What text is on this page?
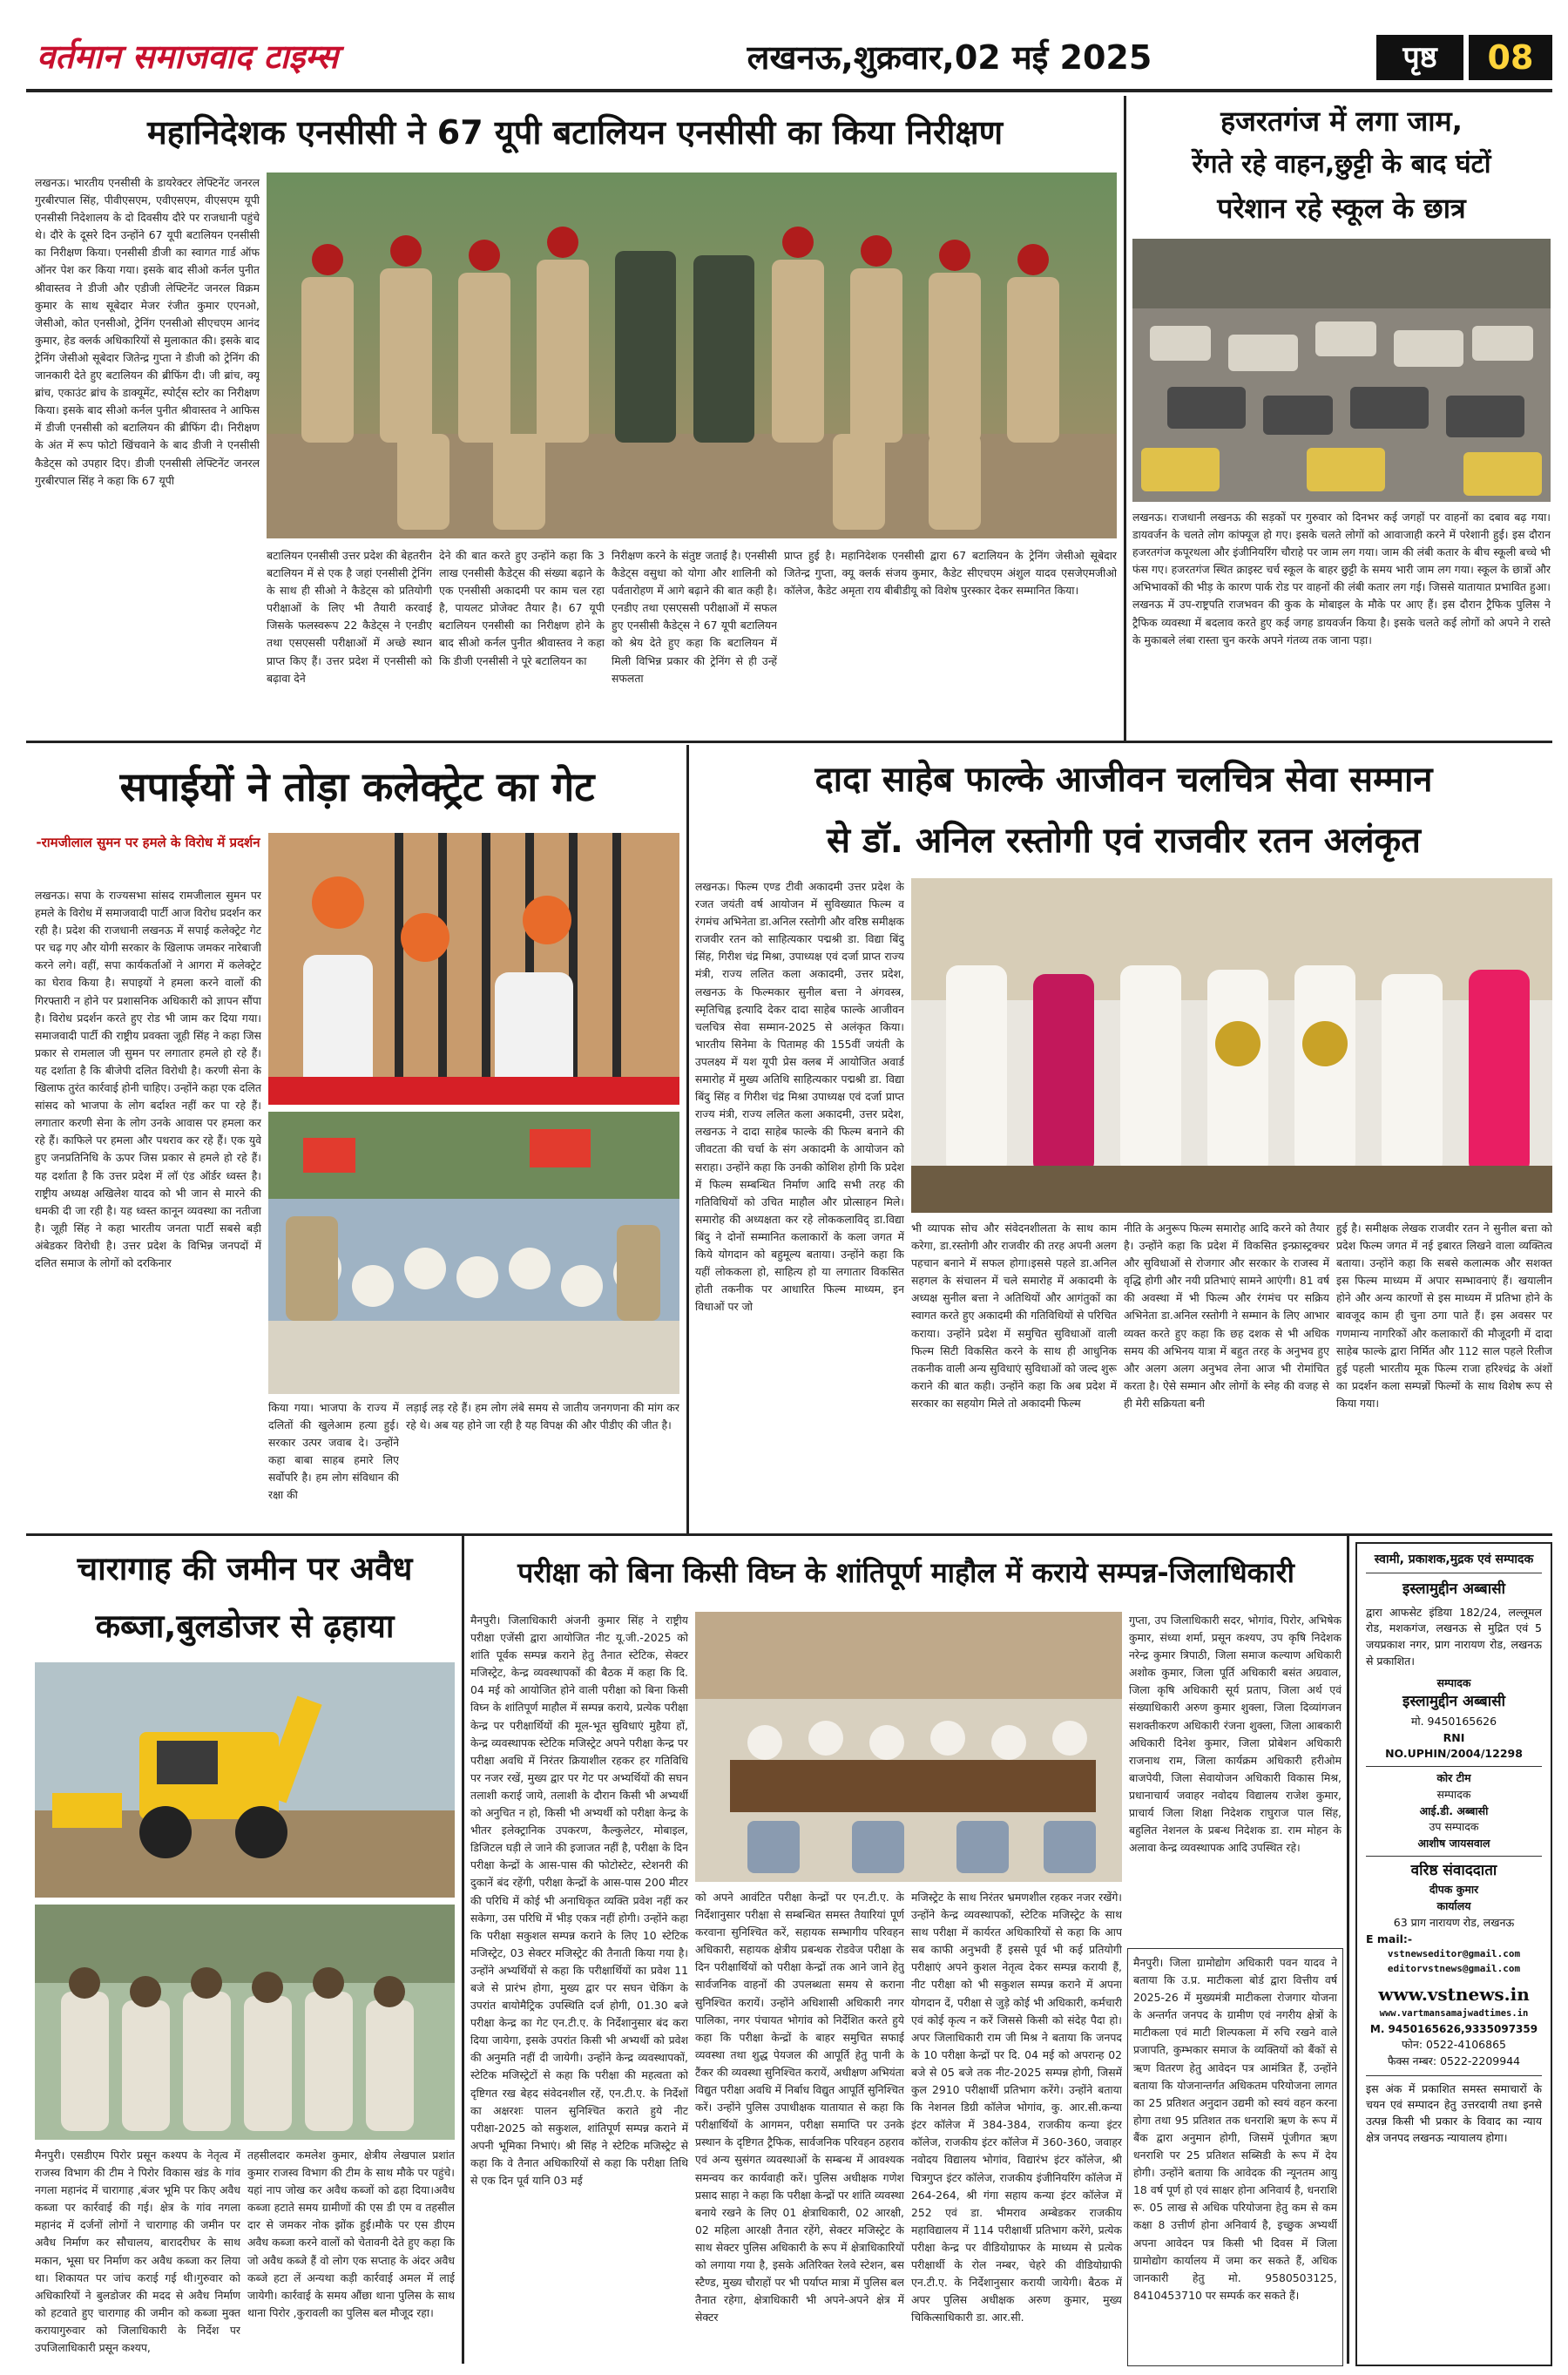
वर्तमान समाजवाद टाइम्स	लखनऊ,शुक्रवार,02 मई 2025	पृष्ठ	08
महानिदेशक एनसीसी ने 67 यूपी बटालियन एनसीसी का किया निरीक्षण
लखनऊ। भारतीय एनसीसी के डायरेक्टर लेफ्टिनेंट जनरल गुरबीरपाल सिंह, पीवीएसएम, एवीएसएम, वीएसएम यूपी एनसीसी निदेशालय के दो दिवसीय दौरे पर राजधानी पहुंचे थे। दौरे के दूसरे दिन उन्होंने 67 यूपी बटालियन एनसीसी का निरीक्षण किया। एनसीसी डीजी का स्वागत गार्ड ऑफ ऑनर पेश कर किया गया। इसके बाद सीओ कर्नल पुनीत श्रीवास्तव ने डीजी और एडीजी लेफ्टिनेंट जनरल विक्रम कुमार के साथ सूबेदार मेजर रंजीत कुमार एएनओ, जेसीओ, कोत एनसीओ, ट्रेनिंग एनसीओ सीएचएम आनंद कुमार, हेड क्लर्क अधिकारियों से मुलाकात की। इसके बाद ट्रेनिंग जेसीओ सूबेदार जितेन्द्र गुप्ता ने डीजी को ट्रेनिंग की जानकारी देते हुए बटालियन की ब्रीफिंग दी। जी ब्रांच, क्यू ब्रांच, एकाउंट ब्रांच के डाक्यूमेंट, स्पोर्ट्स स्टोर का निरीक्षण किया। इसके बाद सीओ कर्नल पुनीत श्रीवास्तव ने आफिस में डीजी एनसीसी को बटालियन की ब्रीफिंग दी। निरीक्षण के अंत में रूप फोटो खिंचवाने के बाद डीजी ने एनसीसी कैडेट्स को उपहार दिए। डीजी एनसीसी लेफ्टिनेंट जनरल गुरबीरपाल सिंह ने कहा कि 67 यूपी
बटालियन एनसीसी उत्तर प्रदेश की बेहतरीन बटालियन में से एक है जहां एनसीसी ट्रेनिंग के साथ ही सीओ ने कैडेट्स को प्रतियोगी परीक्षाओं के लिए भी तैयारी करवाई जिसके फलस्वरूप 22 कैडेट्स ने एनडीए तथा एसएससी परीक्षाओं में अच्छे स्थान प्राप्त किए हैं। उत्तर प्रदेश में एनसीसी को बढ़ावा देने
देने की बात करते हुए उन्होंने कहा कि 3 लाख एनसीसी कैडेट्स की संख्या बढ़ाने के एक एनसीसी अकादमी पर काम चल रहा है, पायलट प्रोजेक्ट तैयार है। 67 यूपी बटालियन एनसीसी का निरीक्षण होने के बाद सीओ कर्नल पुनीत श्रीवास्तव ने कहा कि डीजी एनसीसी ने पूरे बटालियन का
निरीक्षण करने के संतुष्ट जताई है। एनसीसी कैडेट्स वसुधा को योगा और शालिनी को पर्वतारोहण में आगे बढ़ाने की बात कही है। एनडीए तथा एसएससी परीक्षाओं में सफल हुए एनसीसी कैडेट्स ने 67 यूपी बटालियन को श्रेय देते हुए कहा कि बटालियन में मिली विभिन्न प्रकार की ट्रेनिंग से ही उन्हें सफलता
प्राप्त हुई है। महानिदेशक एनसीसी द्वारा 67 बटालियन के ट्रेनिंग जेसीओ सूबेदार जितेन्द्र गुप्ता, क्यू क्लर्क संजय कुमार, कैडेट सीएचएम अंशुल यादव एसजेएमजीओ कॉलेज, कैडेट अमृता राय बीबीडीयू को विशेष पुरस्कार देकर सम्मानित किया।
हजरतगंज में लगा जाम,
रेंगते रहे वाहन,छुट्टी के बाद घंटों
परेशान रहे स्कूल के छात्र
लखनऊ। राजधानी लखनऊ की सड़कों पर गुरुवार को दिनभर कई जगहों पर वाहनों का दबाव बढ़ गया। डायवर्जन के चलते लोग कांफ्यूज हो गए। इसके चलते लोगों को आवाजाही करने में परेशानी हुई। इस दौरान हजरतगंज कपूरथला और इंजीनियरिंग चौराहे पर जाम लग गया। जाम की लंबी कतार के बीच स्कूली बच्चे भी फंस गए। हजरतगंज स्थित क्राइस्ट चर्च स्कूल के बाहर छुट्टी के समय भारी जाम लग गया। स्कूल के छात्रों और अभिभावकों की भीड़ के कारण पार्क रोड पर वाहनों की लंबी कतार लग गई। जिससे यातायात प्रभावित हुआ। लखनऊ में उप-राष्ट्रपति राजभवन की कुक के मोबाइल के मौके पर आए हैं। इस दौरान ट्रैफिक पुलिस ने ट्रैफिक व्यवस्था में बदलाव करते हुए कई जगह डायवर्जन किया है। इसके चलते कई लोगों को अपने ने रास्ते के मुकाबले लंबा रास्ता चुन करके अपने गंतव्य तक जाना पड़ा।
सपाईयों ने तोड़ा कलेक्ट्रेट का गेट
-रामजीलाल सुमन पर हमले के विरोध में प्रदर्शन
लखनऊ। सपा के राज्यसभा सांसद रामजीलाल सुमन पर हमले के विरोध में समाजवादी पार्टी आज विरोध प्रदर्शन कर रही है। प्रदेश की राजधानी लखनऊ में सपाई कलेक्ट्रेट गेट पर चढ़ गए और योगी सरकार के खिलाफ जमकर नारेबाजी करने लगे। वहीं, सपा कार्यकर्ताओं ने आगरा में कलेक्ट्रेट का घेराव किया है। सपाइयों ने हमला करने वालों की गिरफ्तारी न होने पर प्रशासनिक अधिकारी को ज्ञापन सौंपा है। विरोध प्रदर्शन करते हुए रोड भी जाम कर दिया गया। समाजवादी पार्टी की राष्ट्रीय प्रवक्ता जूही सिंह ने कहा जिस प्रकार से रामलाल जी सुमन पर लगातार हमले हो रहे हैं। यह दर्शाता है कि बीजेपी दलित विरोधी है। करणी सेना के खिलाफ तुरंत कार्रवाई होनी चाहिए। उन्होंने कहा एक दलित सांसद को भाजपा के लोग बर्दाश्त नहीं कर पा रहे हैं। लगातार करणी सेना के लोग उनके आवास पर हमला कर रहे हैं। काफिले पर हमला और पथराव कर रहे हैं। एक युवे हुए जनप्रतिनिधि के ऊपर जिस प्रकार से हमले हो रहे हैं। यह दर्शाता है कि उत्तर प्रदेश में लॉ एंड ऑर्डर ध्वस्त है। राष्ट्रीय अध्यक्ष अखिलेश यादव को भी जान से मारने की धमकी दी जा रही है। यह ध्वस्त कानून व्यवस्था का नतीजा है। जूही सिंह ने कहा भारतीय जनता पार्टी सबसे बड़ी अंबेडकर विरोधी है। उत्तर प्रदेश के विभिन्न जनपदों में दलित समाज के लोगों को दरकिनार
किया गया। भाजपा के राज्य में दलितों की खुलेआम हत्या हुई। सरकार उत्पर जवाब दे। उन्होंने कहा बाबा साहब हमारे लिए सर्वोपरि है। हम लोग संविधान की रक्षा की
लड़ाई लड़ रहे हैं। हम लोग लंबे समय से जातीय जनगणना की मांग कर रहे थे। अब यह होने जा रही है यह विपक्ष की और पीडीए की जीत है।
दादा साहेब फाल्के आजीवन चलचित्र सेवा सम्मान
से डॉ. अनिल रस्तोगी एवं राजवीर रतन अलंकृत
लखनऊ। फिल्म एण्ड टीवी अकादमी उत्तर प्रदेश के रजत जयंती वर्ष आयोजन में सुविख्यात फिल्म व रंगमंच अभिनेता डा.अनिल रस्तोगी और वरिष्ठ समीक्षक राजवीर रतन को साहित्यकार पद्मश्री डा. विद्या बिंदु सिंह, गिरीश चंद्र मिश्रा, उपाध्यक्ष एवं दर्जा प्राप्त राज्य मंत्री, राज्य ललित कला अकादमी, उत्तर प्रदेश, लखनऊ के फिल्मकार सुनील बत्ता ने अंगवस्त्र, स्मृतिचिह्न इत्यादि देकर दादा साहेब फाल्के आजीवन चलचित्र सेवा सम्मान-2025 से अलंकृत किया। भारतीय सिनेमा के पितामह की 155वीं जयंती के उपलक्ष्य में यश यूपी प्रेस क्लब में आयोजित अवार्ड समारोह में मुख्य अतिथि साहित्यकार पद्मश्री डा. विद्या बिंदु सिंह व गिरीश चंद्र मिश्रा उपाध्यक्ष एवं दर्जा प्राप्त राज्य मंत्री, राज्य ललित कला अकादमी, उत्तर प्रदेश, लखनऊ ने दादा साहेब फाल्के की फिल्म बनाने की जीवटता की चर्चा के संग अकादमी के आयोजन को सराहा। उन्होंने कहा कि उनकी कोशिश होगी कि प्रदेश में फिल्म सम्बन्धित निर्माण आदि सभी तरह की गतिविधियों को उचित माहौल और प्रोत्साहन मिले। समारोह की अध्यक्षता कर रहे लोककलाविद् डा.विद्या बिंदु ने दोनों सम्मानित कलाकारों के कला जगत में किये योगदान को बहुमूल्य बताया। उन्होंने कहा कि यहीं लोककला हो, साहित्य हो या लगातार विकसित होती तकनीक पर आधारित फिल्म माध्यम, इन विधाओं पर जो
भी व्यापक सोच और संवेदनशीलता के साथ काम करेगा, डा.रस्तोगी और राजवीर की तरह अपनी अलग पहचान बनाने में सफल होगा।इससे पहले डा.अनिल सहगल के संचालन में चले समारोह में अकादमी के अध्यक्ष सुनील बत्ता ने अतिथियों और आगंतुकों का स्वागत करते हुए अकादमी की गतिविधियों से परिचित कराया। उन्होंने प्रदेश में समुचित सुविधाओं वाली फिल्म सिटी विकसित करने के साथ ही आधुनिक तकनीक वाली अन्य सुविधाएं सुविधाओं को जल्द शुरू कराने की बात कही। उन्होंने कहा कि अब प्रदेश में सरकार का सहयोग मिले तो अकादमी फिल्म
नीति के अनुरूप फिल्म समारोह आदि करने को तैयार है। उन्होंने कहा कि प्रदेश में विकसित इन्फ्रास्ट्रक्चर और सुविधाओं से रोजगार और सरकार के राजस्व में वृद्धि होगी और नयी प्रतिभाएं सामने आएंगी। 81 वर्ष की अवस्था में भी फिल्म और रंगमंच पर सक्रिय अभिनेता डा.अनिल रस्तोगी ने सम्मान के लिए आभार व्यक्त करते हुए कहा कि छह दशक से भी अधिक समय की अभिनय यात्रा में बहुत तरह के अनुभव हुए और अलग अलग अनुभव लेना आज भी रोमांचित करता है। ऐसे सम्मान और लोगों के स्नेह की वजह से ही मेरी सक्रियता बनी
हुई है। समीक्षक लेखक राजवीर रतन ने सुनील बत्ता को प्रदेश फिल्म जगत में नई इबारत लिखने वाला व्यक्तित्व बताया। उन्होंने कहा कि सबसे कलात्मक और सशक्त इस फिल्म माध्यम में अपार सम्भावनाएं हैं। खयालीन होने और अन्य कारणों से इस माध्यम में प्रतिभा होने के बावजूद काम ही चुना ठगा पाते हैं। इस अवसर पर गणमान्य नागरिकों और कलाकारों की मौजूदगी में दादा साहेब फाल्के द्वारा निर्मित और 112 साल पहले रिलीज हुई पहली भारतीय मूक फिल्म राजा हरिश्चंद्र के अंशों का प्रदर्शन कला सम्पन्नों फिल्मों के साथ विशेष रूप से किया गया।
चारागाह की जमीन पर अवैध
कब्जा,बुलडोजर से ढ़हाया
मैनपुरी। एसडीएम पिरोर प्रसून कश्यप के नेतृत्व में राजस्व विभाग की टीम ने पिरोर विकास खंड के गांव नगला महानंद में चारागाह ,बंजर भूमि पर किए अवैध कब्जा पर कार्रवाई की गई। क्षेत्र के गांव नगला महानंद में दर्जनों लोगों ने चारागाह की जमीन पर अवैध निर्माण कर सौचालय, बारादरीघर के साथ मकान, भूसा घर निर्माण कर अवैध कब्जा कर लिया था। शिकायत पर जांच कराई गई थी।गुरुवार को अधिकारियों ने बुलडोजर की मदद से अवैध निर्माण को हटवाते हुए चारागाह की जमीन को कब्जा मुक्त करायागुरुवार को जिलाधिकारी के निर्देश पर उपजिलाधिकारी प्रसून कश्यप,
तहसीलदार कमलेश कुमार, क्षेत्रीय लेखपाल प्रशांत कुमार राजस्व विभाग की टीम के साथ मौके पर पहुंचे। यहां नाप जोख कर अवैध कब्जों को ढहा दिया।अवैध कब्जा हटाते समय ग्रामीणों की एस डी एम व तहसील दार से जमकर नोक झोंक हुई।मौके पर एस डीएम अवैध कब्जा करने वालों को चेतावनी देते हुए कहा कि जो अवैध कब्जे हैं वो लोग एक सप्ताह के अंदर अवैध कब्जे हटा लें अन्यथा कड़ी कार्रवाई अमल में लाई जायेगी। कार्रवाई के समय औंछा थाना पुलिस के साथ थाना पिरोर ,कुरावली का पुलिस बल मौजूद रहा।
परीक्षा को बिना किसी विघ्न के शांतिपूर्ण माहौल में कराये सम्पन्न-जिलाधिकारी
मैनपुरी। जिलाधिकारी अंजनी कुमार सिंह ने राष्ट्रीय परीक्षा एजेंसी द्वारा आयोजित नीट यू.जी.-2025 को शांति पूर्वक सम्पन्न कराने हेतु तैनात स्टेटिक, सेक्टर मजिस्ट्रेट, केन्द्र व्यवस्थापकों की बैठक में कहा कि दि. 04 मई को आयोजित होने वाली परीक्षा को बिना किसी विघ्न के शांतिपूर्ण माहौल में सम्पन्न कराये, प्रत्येक परीक्षा केन्द्र पर परीक्षार्थियों की मूल-भूत सुविधाएं मुहैया हों, केन्द्र व्यवस्थापक स्टेटिक मजिस्ट्रेट अपने परीक्षा केन्द्र पर परीक्षा अवधि में निरंतर क्रियाशील रहकर हर गतिविधि पर नजर रखें, मुख्य द्वार पर गेट पर अभ्यर्थियों की सघन तलाशी कराई जाये, तलाशी के दौरान किसी भी अभ्यर्थी को अनुचित न हो, किसी भी अभ्यर्थी को परीक्षा केन्द्र के भीतर इलेक्ट्रानिक उपकरण, कैल्कुलेटर, मोबाइल, डिजिटल घड़ी ले जाने की इजाजत नहीं है, परीक्षा के दिन परीक्षा केन्द्रों के आस-पास की फोटोस्टेट, स्टेशनरी की दुकानें बंद रहेंगी, परीक्षा केन्द्रों के आस-पास 200 मीटर की परिधि में कोई भी अनाधिकृत व्यक्ति प्रवेश नहीं कर सकेगा, उस परिधि में भीड़ एकत्र नहीं होगी। उन्होंने कहा कि परीक्षा सकुशल सम्पन्न कराने के लिए 10 स्टेटिक मजिस्ट्रेट, 03 सेक्टर मजिस्ट्रेट की तैनाती किया गया है। उन्होंने अभ्यर्थियों से कहा कि परीक्षार्थियों का प्रवेश 11 बजे से प्रारंभ होगा, मुख्य द्वार पर सघन चेकिंग के उपरांत बायोमैट्रिक उपस्थिति दर्ज होगी, 01.30 बजे परीक्षा केन्द्र का गेट एन.टी.ए. के निर्देशानुसार बंद करा दिया जायेगा, इसके उपरांत किसी भी अभ्यर्थी को प्रवेश की अनुमति नहीं दी जायेगी। उन्होंने केन्द्र व्यवस्थापकों, स्टेटिक मजिस्ट्रेटों से कहा कि परीक्षा की महत्वता को दृष्टिगत रख बेहद संवेदनशील रहें, एन.टी.ए. के निर्देशों का अक्षरशः पालन सुनिश्चित कराते हुये नीट परीक्षा-2025 को सकुशल, शांतिपूर्ण सम्पन्न कराने में अपनी भूमिका निभाएं। श्री सिंह ने स्टेटिक मजिस्ट्रेट से कहा कि वे तैनात अधिकारियों से कहा कि परीक्षा तिथि से एक दिन पूर्व यानि 03 मई
गुप्ता, उप जिलाधिकारी सदर, भोगांव, पिरोर, अभिषेक कुमार, संध्या शर्मा, प्रसून कश्यप, उप कृषि निदेशक नरेन्द्र कुमार त्रिपाठी, जिला समाज कल्याण अधिकारी अशोक कुमार, जिला पूर्ति अधिकारी बसंत अग्रवाल, जिला कृषि अधिकारी सूर्य प्रताप, जिला अर्थ एवं संख्याधिकारी अरुण कुमार शुक्ला, जिला दिव्यांगजन सशक्तीकरण अधिकारी रंजना शुक्ला, जिला आबकारी अधिकारी दिनेश कुमार, जिला प्रोबेशन अधिकारी राजनाथ राम, जिला कार्यक्रम अधिकारी हरीओम बाजपेयी, जिला सेवायोजन अधिकारी विकास मिश्र, प्रधानाचार्य जवाहर नवोदय विद्यालय राजेश कुमार, प्राचार्य जिला शिक्षा निदेशक राघुराज पाल सिंह, बहुलित नेशनल के प्रबन्ध निदेशक डा. राम मोहन के अलावा केन्द्र व्यवस्थापक आदि उपस्थित रहे।
को अपने आवंटित परीक्षा केन्द्रों पर एन.टी.ए. के निर्देशानुसार परीक्षा से सम्बन्धित समस्त तैयारियां पूर्ण करवाना सुनिश्चित करें, सहायक सम्भागीय परिवहन अधिकारी, सहायक क्षेत्रीय प्रबन्धक रोडवेज परीक्षा के दिन परीक्षार्थियों को परीक्षा केन्द्रों तक आने जाने हेतु सार्वजनिक वाहनों की उपलब्धता समय से कराना सुनिश्चित करायें। उन्होंने अधिशासी अधिकारी नगर पालिका, नगर पंचायत भोगांव को निर्देशित करते हुये कहा कि परीक्षा केन्द्रों के बाहर समुचित सफाई व्यवस्था तथा शुद्ध पेयजल की आपूर्ति हेतु पानी के टैंकर की व्यवस्था सुनिश्चित करायें, अधीक्षण अभियंता विद्युत परीक्षा अवधि में निर्बाध विद्युत आपूर्ति सुनिश्चित करें। उन्होंने पुलिस उपाधीक्षक यातायात से कहा कि परीक्षार्थियों के आगमन, परीक्षा समाप्ति पर उनके प्रस्थान के दृष्टिगत ट्रैफिक, सार्वजनिक परिवहन ठहराव एवं अन्य सुसंगत व्यवस्थाओं के सम्बन्ध में आवश्यक समन्वय कर कार्यवाही करें। पुलिस अधीक्षक गणेश प्रसाद साहा ने कहा कि परीक्षा केन्द्रों पर शांति व्यवस्था बनाये रखने के लिए 01 क्षेत्राधिकारी, 02 आरक्षी, 02 महिला आरक्षी तैनात रहेंगे, सेक्टर मजिस्ट्रेट के साथ सेक्टर पुलिस अधिकारी के रूप में क्षेत्राधिकारियों को लगाया गया है, इसके अतिरिक्त रेलवे स्टेशन, बस स्टैण्ड, मुख्य चौराहों पर भी पर्याप्त मात्रा में पुलिस बल तैनात रहेगा, क्षेत्राधिकारी भी अपने-अपने क्षेत्र में सेक्टर
मजिस्ट्रेट के साथ निरंतर भ्रमणशील रहकर नजर रखेंगे। उन्होंने केन्द्र व्यवस्थापकों, स्टेटिक मजिस्ट्रेट के साथ साथ परीक्षा में कार्यरत अधिकारियों से कहा कि आप सब काफी अनुभवी हैं इससे पूर्व भी कई प्रतियोगी परीक्षाएं अपने कुशल नेतृत्व देकर सम्पन्न करायी हैं, नीट परीक्षा को भी सकुशल सम्पन्न कराने में अपना योगदान दें, परीक्षा से जुड़े कोई भी अधिकारी, कर्मचारी एवं कोई कृत्य न करें जिससे किसी को संदेह पैदा हो। अपर जिलाधिकारी राम जी मिश्र ने बताया कि जनपद के 10 परीक्षा केन्द्रों पर दि. 04 मई को अपरान्ह 02 बजे से 05 बजे तक नीट-2025 सम्पन्न होगी, जिसमें कुल 2910 परीक्षार्थी प्रतिभाग करेंगे। उन्होंने बताया कि नेशनल डिग्री कॉलेज भोगांव, कु. आर.सी.कन्या इंटर कॉलेज में 384-384, राजकीय कन्या इंटर कॉलेज, राजकीय इंटर कॉलेज में 360-360, जवाहर नवोदय विद्यालय भोगांव, विद्यारंभ इंटर कॉलेज, श्री चित्रगुप्त इंटर कॉलेज, राजकीय इंजीनियरिंग कॉलेज में 264-264, श्री गंगा सहाय कन्या इंटर कॉलेज में 252 एवं डा. भीमराव अम्बेडकर राजकीय महाविद्यालय में 114 परीक्षार्थी प्रतिभाग करेंगे, प्रत्येक परीक्षा केन्द्र पर वीडियोग्राफर के माध्यम से प्रत्येक परीक्षार्थी के रोल नम्बर, चेहरे की वीडियोग्राफी एन.टी.ए. के निर्देशानुसार करायी जायेगी। बैठक में अपर पुलिस अधीक्षक अरुण कुमार, मुख्य चिकित्साधिकारी डा. आर.सी.
मैनपुरी। जिला ग्रामोद्योग अधिकारी पवन यादव ने बताया कि उ.प्र. माटीकला बोर्ड द्वारा वित्तीय वर्ष 2025-26 में मुख्यमंत्री माटीकला रोजगार योजना के अन्तर्गत जनपद के ग्रामीण एवं नगरीय क्षेत्रों के माटीकला एवं माटी शिल्पकला में रुचि रखने वाले प्रजापति, कुम्भकार समाज के व्यक्तियों को बैंकों से ऋण वितरण हेतु आवेदन पत्र आमंत्रित हैं, उन्होंने बताया कि योजनान्तर्गत अधिकतम परियोजना लागत का 25 प्रतिशत अनुदान उद्यमी को स्वयं वहन करना होगा तथा 95 प्रतिशत तक धनराशि ऋण के रूप में बैंक द्वारा अनुमान होगी, जिसमें पूंजीगत ऋण धनराशि पर 25 प्रतिशत सब्सिडी के रूप में देय होगी। उन्होंने बताया कि आवेदक की न्यूनतम आयु 18 वर्ष पूर्ण हो एवं साक्षर होना अनिवार्य है, धनराशि रू. 05 लाख से अधिक परियोजना हेतु कम से कम कक्षा 8 उत्तीर्ण होना अनिवार्य है, इच्छुक अभ्यर्थी अपना आवेदन पत्र किसी भी दिवस में जिला ग्रामोद्योग कार्यालय में जमा कर सकते हैं, अधिक जानकारी हेतु मो. 9580503125, 8410453710 पर सम्पर्क कर सकते हैं।
स्वामी, प्रकाशक,मुद्रक एवं सम्पादक
इस्लामुद्दीन अब्बासी
द्वारा आफसेट इंडिया 182/24, लल्लूमल रोड, मशकगंज, लखनऊ से मुद्रित एवं 5 जयप्रकाश नगर, प्राग नारायण रोड, लखनऊ से प्रकाशित।
सम्पादक
इस्लामुद्दीन अब्बासी
मो. 9450165626
RNI
NO.UPHIN/2004/12298
कोर टीम
सम्पादक
आई.डी. अब्बासी
उप सम्पादक
आशीष जायसवाल
वरिष्ठ संवाददाता
दीपक कुमार
कार्यालय
63 प्राग नारायण रोड, लखनऊ
E mail:-
vstnewseditor@gmail.com
editorvstnews@gmail.com
www.vstnews.in
www.vartmansamajwadtimes.in
M. 9450165626,9335097359
फोन: 0522-4106865
फैक्स नम्बर: 0522-2209944
इस अंक में प्रकाशित समस्त समाचारों के चयन एवं सम्पादन हेतु उत्तरदायी तथा इनसे उत्पन्न किसी भी प्रकार के विवाद का न्याय क्षेत्र जनपद लखनऊ न्यायालय होगा।
